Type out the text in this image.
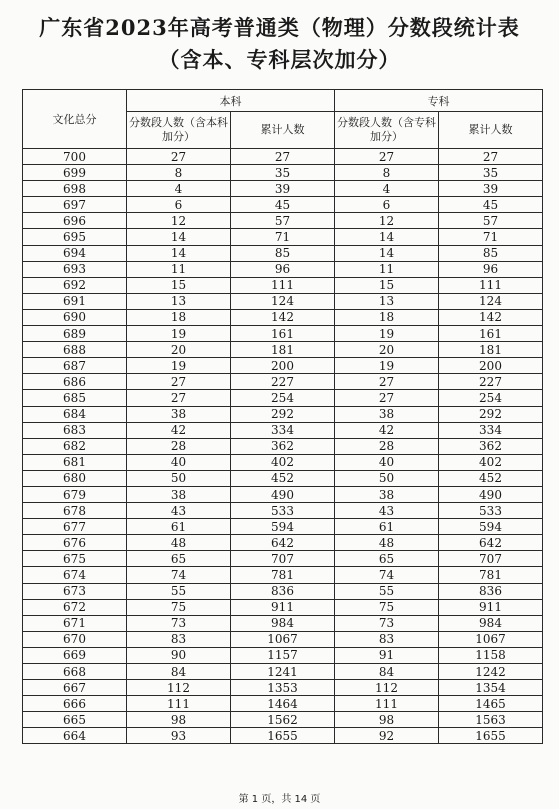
广东省2023年高考普通类（物理）分数段统计表
（含本、专科层次加分）
文化总分	本科		专科	
	分数段人数（含本科加分）	累计人数	分数段人数（含专科加分）	累计人数
700	27	27	27	27
699	8	35	8	35
698	4	39	4	39
697	6	45	6	45
696	12	57	12	57
695	14	71	14	71
694	14	85	14	85
693	11	96	11	96
692	15	111	15	111
691	13	124	13	124
690	18	142	18	142
689	19	161	19	161
688	20	181	20	181
687	19	200	19	200
686	27	227	27	227
685	27	254	27	254
684	38	292	38	292
683	42	334	42	334
682	28	362	28	362
681	40	402	40	402
680	50	452	50	452
679	38	490	38	490
678	43	533	43	533
677	61	594	61	594
676	48	642	48	642
675	65	707	65	707
674	74	781	74	781
673	55	836	55	836
672	75	911	75	911
671	73	984	73	984
670	83	1067	83	1067
669	90	1157	91	1158
668	84	1241	84	1242
667	112	1353	112	1354
666	111	1464	111	1465
665	98	1562	98	1563
664	93	1655	92	1655
第 1 页，共 14 页
